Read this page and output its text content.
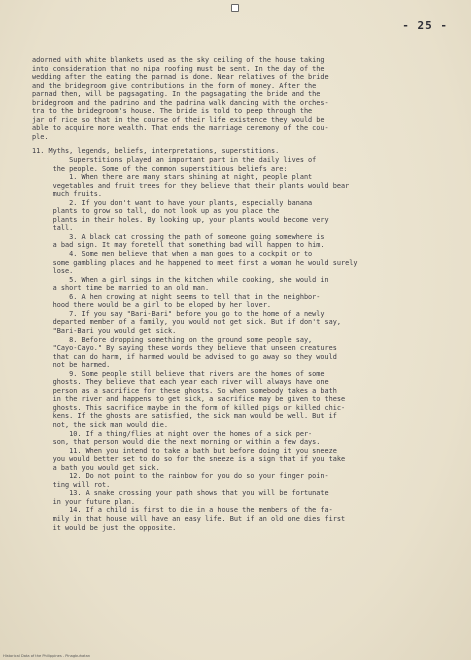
- 25 -
adorned with white blankets used as the sky ceiling of the house taking
into consideration that no nipa roofing must be sent. In the day of the
wedding after the eating the parnad is done. Near relatives of the bride
and the bridegroom give contributions in the form of money. After the
parnad then, will be pagsagating. In the pagsagating the bride and the
bridegroom and the padrino and the padrina walk dancing with the orches-
tra to the bridegroom's house. The bride is told to peep through the
jar of rice so that in the course of their life existence they would be
able to acquire more wealth. That ends the marriage ceremony of the cou-
ple.
11. Myths, legends, beliefs, interpretations, superstitions.
Superstitions played an important part in the daily lives of
the people. Some of the common superstitious beliefs are:
1. When there are many stars shining at night, people plant
vegetables and fruit trees for they believe that their plants would bear
much fruits.
2. If you don't want to have your plants, especially banana
plants to grow so tall, do not look up as you place the
plants in their holes. By looking up, your plants would become very
tall.
3. A black cat crossing the path of someone going somewhere is
a bad sign. It may foretell that something bad will happen to him.
4. Some men believe that when a man goes to a cockpit or to
some gambling places and he happened to meet first a woman he would surely
lose.
5. When a girl sings in the kitchen while cooking, she would in
a short time be married to an old man.
6. A hen crowing at night seems to tell that in the neighbor-
hood there would be a girl to be eloped by her lover.
7. If you say "Bari-Bari" before you go to the home of a newly
departed member of a family, you would not get sick. But if don't say,
"Bari-Bari you would get sick.
8. Before dropping something on the ground some people say,
"Cayo-Cayo." By saying these words they believe that unseen creatures
that can do harm, if harmed would be advised to go away so they would
not be harmed.
9. Some people still believe that rivers are the homes of some
ghosts. They believe that each year each river will always have one
person as a sacrifice for these ghosts. So when somebody takes a bath
in the river and happens to get sick, a sacrifice may be given to these
ghosts. This sacrifice maybe in the form of killed pigs or killed chic-
kens. If the ghosts are satisfied, the sick man would be well. But if
not, the sick man would die.
10. If a thing/flies at night over the homes of a sick per-
son, that person would die the next morning or within a few days.
11. When you intend to take a bath but before doing it you sneeze
you would better set to do so for the sneeze is a sign that if you take
a bath you would get sick.
12. Do not point to the rainbow for you do so your finger poin-
ting will rot.
13. A snake crossing your path shows that you will be fortunate
in your future plan.
14. If a child is first to die in a house the members of the fa-
mily in that house will have an easy life. But if an old one dies first
it would be just the opposite.
Historical Data of the Philippines - Pinagbuhatan
